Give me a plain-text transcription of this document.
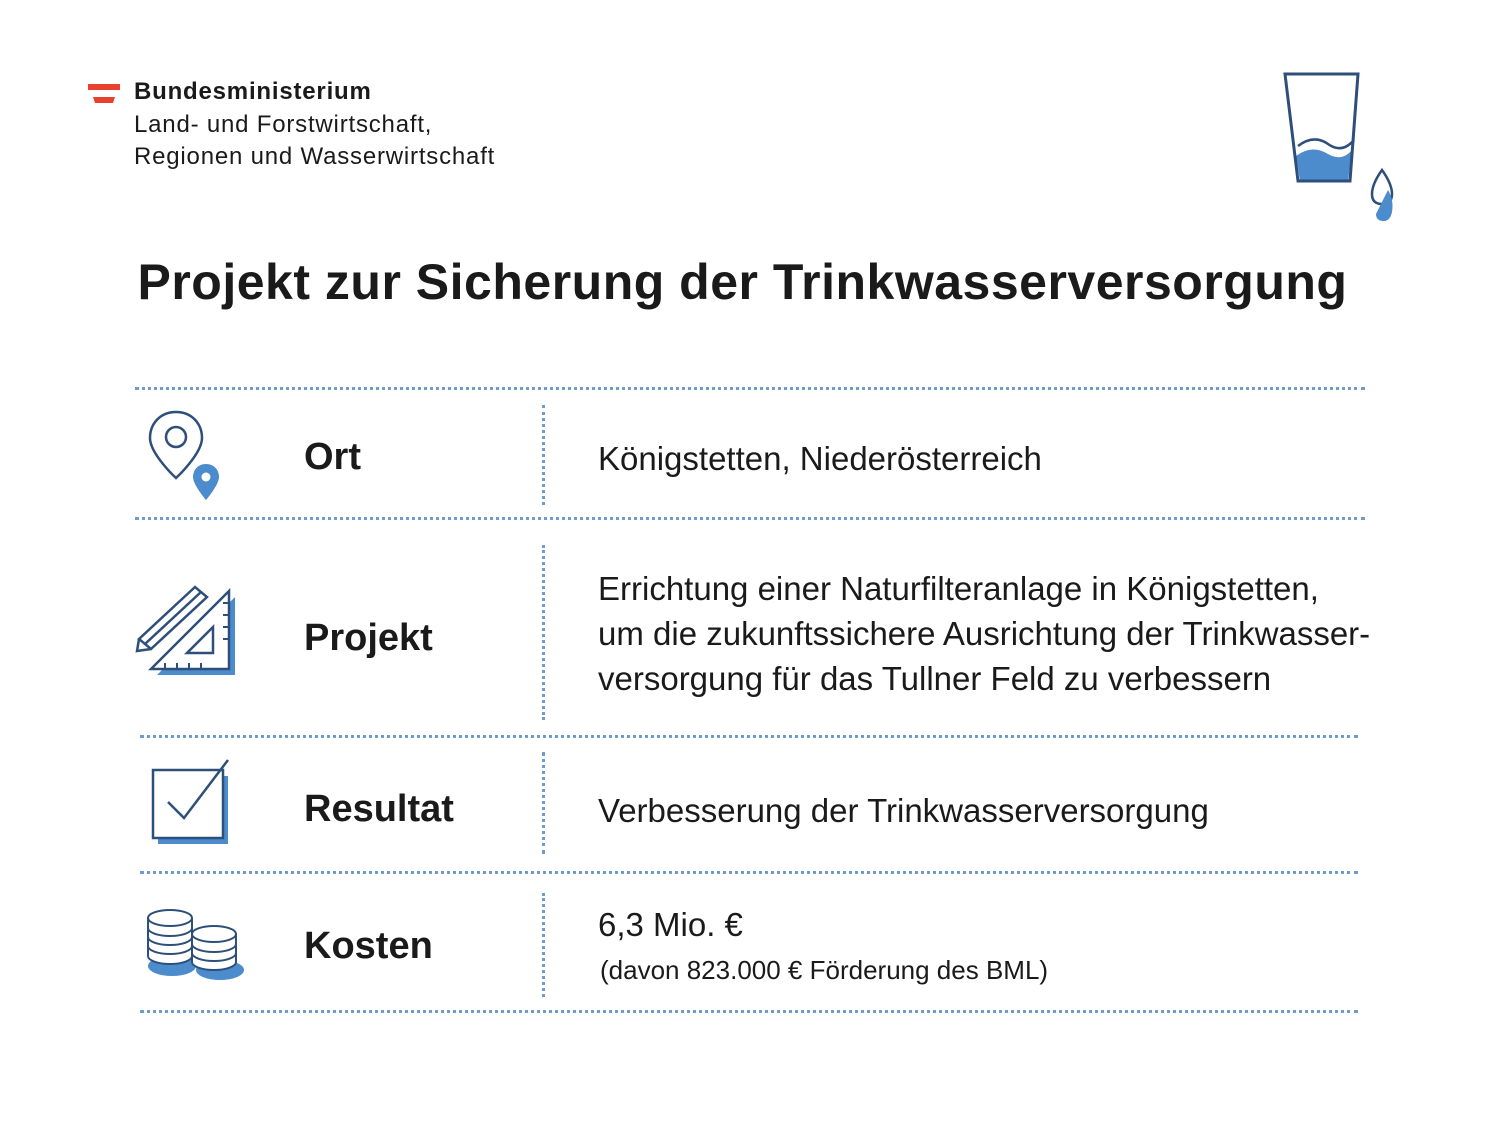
Bundesministerium
Land- und Forstwirtschaft,
Regionen und Wasserwirtschaft
Projekt zur Sicherung der Trinkwasserversorgung
Ort	Königstetten, Niederösterreich
Projekt
Errichtung einer Naturfilteranlage in Königstetten,
um die zukunftssichere Ausrichtung der Trinkwasser-
versorgung für das Tullner Feld zu verbessern
Resultat	Verbesserung der Trinkwasserversorgung
Kosten
6,3 Mio. €
(davon 823.000 € Förderung des BML)
